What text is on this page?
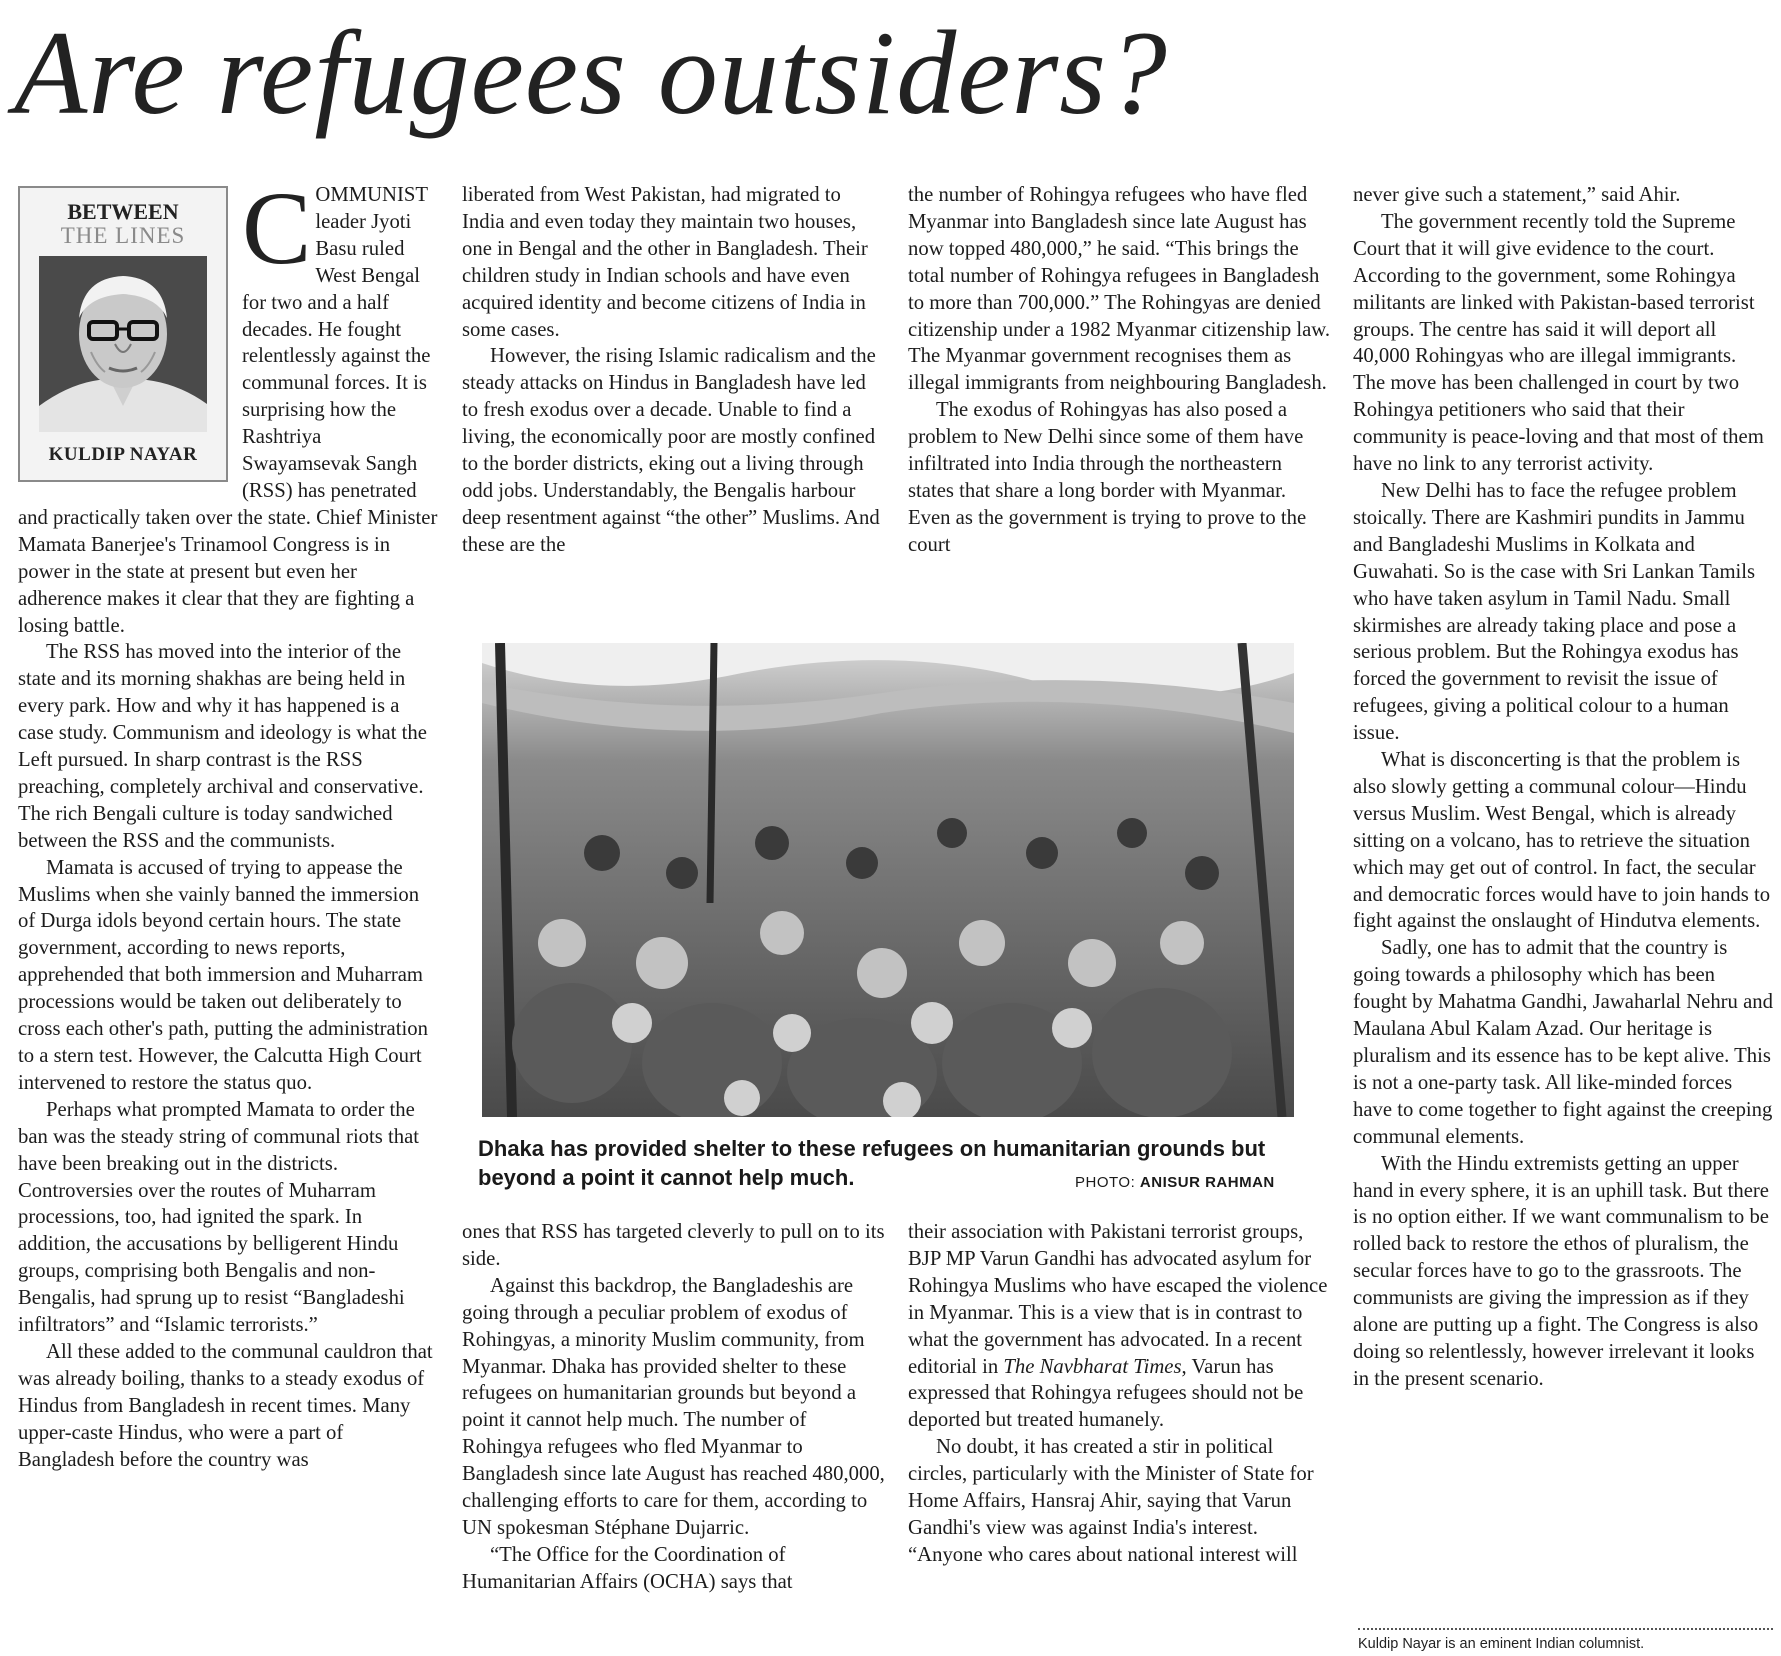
Are refugees outsiders?
BETWEEN
THE LINES
KULDIP NAYAR

COMMUNIST leader Jyoti Basu ruled West Bengal for two and a half decades. He fought relentlessly against the communal forces. It is surprising how the Rashtriya Swayamsevak Sangh (RSS) has penetrated and practically taken over the state. Chief Minister Mamata Banerjee's Trinamool Congress is in power in the state at present but even her adherence makes it clear that they are fighting a losing battle.

The RSS has moved into the interior of the state and its morning shakhas are being held in every park. How and why it has happened is a case study. Communism and ideology is what the Left pursued. In sharp contrast is the RSS preaching, completely archival and conservative. The rich Bengali culture is today sandwiched between the RSS and the communists.

Mamata is accused of trying to appease the Muslims when she vainly banned the immersion of Durga idols beyond certain hours. The state government, according to news reports, apprehended that both immersion and Muharram processions would be taken out deliberately to cross each other's path, putting the administration to a stern test. However, the Calcutta High Court intervened to restore the status quo.

Perhaps what prompted Mamata to order the ban was the steady string of communal riots that have been breaking out in the districts. Controversies over the routes of Muharram processions, too, had ignited the spark. In addition, the accusations by belligerent Hindu groups, comprising both Bengalis and non-Bengalis, had sprung up to resist “Bangladeshi infiltrators” and “Islamic terrorists.”

All these added to the communal cauldron that was already boiling, thanks to a steady exodus of Hindus from Bangladesh in recent times. Many upper-caste Hindus, who were a part of Bangladesh before the country was

liberated from West Pakistan, had migrated to India and even today they maintain two houses, one in Bengal and the other in Bangladesh. Their children study in Indian schools and have even acquired identity and become citizens of India in some cases.

However, the rising Islamic radicalism and the steady attacks on Hindus in Bangladesh have led to fresh exodus over a decade. Unable to find a living, the economically poor are mostly confined to the border districts, eking out a living through odd jobs. Understandably, the Bengalis harbour deep resentment against “the other” Muslims. And these are the

the number of Rohingya refugees who have fled Myanmar into Bangladesh since late August has now topped 480,000,” he said. “This brings the total number of Rohingya refugees in Bangladesh to more than 700,000.” The Rohingyas are denied citizenship under a 1982 Myanmar citizenship law. The Myanmar government recognises them as illegal immigrants from neighbouring Bangladesh.

The exodus of Rohingyas has also posed a problem to New Delhi since some of them have infiltrated into India through the northeastern states that share a long border with Myanmar. Even as the government is trying to prove to the court

Dhaka has provided shelter to these refugees on humanitarian grounds but beyond a point it cannot help much.	PHOTO: ANISUR RAHMAN

ones that RSS has targeted cleverly to pull on to its side.

Against this backdrop, the Bangladeshis are going through a peculiar problem of exodus of Rohingyas, a minority Muslim community, from Myanmar. Dhaka has provided shelter to these refugees on humanitarian grounds but beyond a point it cannot help much. The number of Rohingya refugees who fled Myanmar to Bangladesh since late August has reached 480,000, challenging efforts to care for them, according to UN spokesman Stéphane Dujarric.

“The Office for the Coordination of Humanitarian Affairs (OCHA) says that

their association with Pakistani terrorist groups, BJP MP Varun Gandhi has advocated asylum for Rohingya Muslims who have escaped the violence in Myanmar. This is a view that is in contrast to what the government has advocated. In a recent editorial in The Navbharat Times, Varun has expressed that Rohingya refugees should not be deported but treated humanely.

No doubt, it has created a stir in political circles, particularly with the Minister of State for Home Affairs, Hansraj Ahir, saying that Varun Gandhi's view was against India's interest. “Anyone who cares about national interest will

never give such a statement,” said Ahir.

The government recently told the Supreme Court that it will give evidence to the court. According to the government, some Rohingya militants are linked with Pakistan-based terrorist groups. The centre has said it will deport all 40,000 Rohingyas who are illegal immigrants. The move has been challenged in court by two Rohingya petitioners who said that their community is peace-loving and that most of them have no link to any terrorist activity.

New Delhi has to face the refugee problem stoically. There are Kashmiri pundits in Jammu and Bangladeshi Muslims in Kolkata and Guwahati. So is the case with Sri Lankan Tamils who have taken asylum in Tamil Nadu. Small skirmishes are already taking place and pose a serious problem. But the Rohingya exodus has forced the government to revisit the issue of refugees, giving a political colour to a human issue.

What is disconcerting is that the problem is also slowly getting a communal colour—Hindu versus Muslim. West Bengal, which is already sitting on a volcano, has to retrieve the situation which may get out of control. In fact, the secular and democratic forces would have to join hands to fight against the onslaught of Hindutva elements.

Sadly, one has to admit that the country is going towards a philosophy which has been fought by Mahatma Gandhi, Jawaharlal Nehru and Maulana Abul Kalam Azad. Our heritage is pluralism and its essence has to be kept alive. This is not a one-party task. All like-minded forces have to come together to fight against the creeping communal elements.

With the Hindu extremists getting an upper hand in every sphere, it is an uphill task. But there is no option either. If we want communalism to be rolled back to restore the ethos of pluralism, the secular forces have to go to the grassroots. The communists are giving the impression as if they alone are putting up a fight. The Congress is also doing so relentlessly, however irrelevant it looks in the present scenario.

Kuldip Nayar is an eminent Indian columnist.
